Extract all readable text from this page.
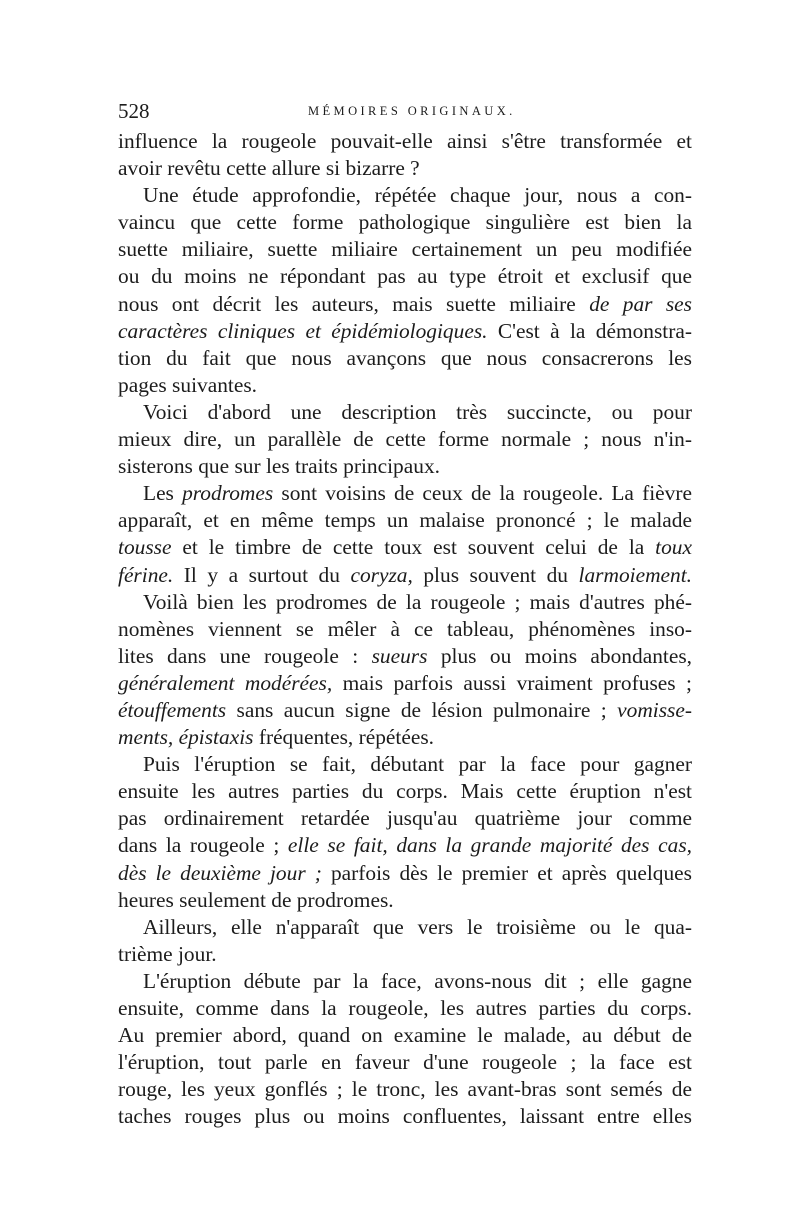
528	MÉMOIRES ORIGINAUX.
influence la rougeole pouvait-elle ainsi s'être transformée et
avoir revêtu cette allure si bizarre ?
Une étude approfondie, répétée chaque jour, nous a con-
vaincu que cette forme pathologique singulière est bien la
suette miliaire, suette miliaire certainement un peu modifiée
ou du moins ne répondant pas au type étroit et exclusif que
nous ont décrit les auteurs, mais suette miliaire de par ses
caractères cliniques et épidémiologiques. C'est à la démonstra-
tion du fait que nous avançons que nous consacrerons les
pages suivantes.
Voici d'abord une description très succincte, ou pour
mieux dire, un parallèle de cette forme normale ; nous n'in-
sisterons que sur les traits principaux.
Les prodromes sont voisins de ceux de la rougeole. La fièvre
apparaît, et en même temps un malaise prononcé ; le malade
tousse et le timbre de cette toux est souvent celui de la toux
férine. Il y a surtout du coryza, plus souvent du larmoiement.
Voilà bien les prodromes de la rougeole ; mais d'autres phé-
nomènes viennent se mêler à ce tableau, phénomènes inso-
lites dans une rougeole : sueurs plus ou moins abondantes,
généralement modérées, mais parfois aussi vraiment profuses ;
étouffements sans aucun signe de lésion pulmonaire ; vomisse-
ments, épistaxis fréquentes, répétées.
Puis l'éruption se fait, débutant par la face pour gagner
ensuite les autres parties du corps. Mais cette éruption n'est
pas ordinairement retardée jusqu'au quatrième jour comme
dans la rougeole ; elle se fait, dans la grande majorité des cas,
dès le deuxième jour ; parfois dès le premier et après quelques
heures seulement de prodromes.
Ailleurs, elle n'apparaît que vers le troisième ou le qua-
trième jour.
L'éruption débute par la face, avons-nous dit ; elle gagne
ensuite, comme dans la rougeole, les autres parties du corps.
Au premier abord, quand on examine le malade, au début de
l'éruption, tout parle en faveur d'une rougeole ; la face est
rouge, les yeux gonflés ; le tronc, les avant-bras sont semés de
taches rouges plus ou moins confluentes, laissant entre elles
